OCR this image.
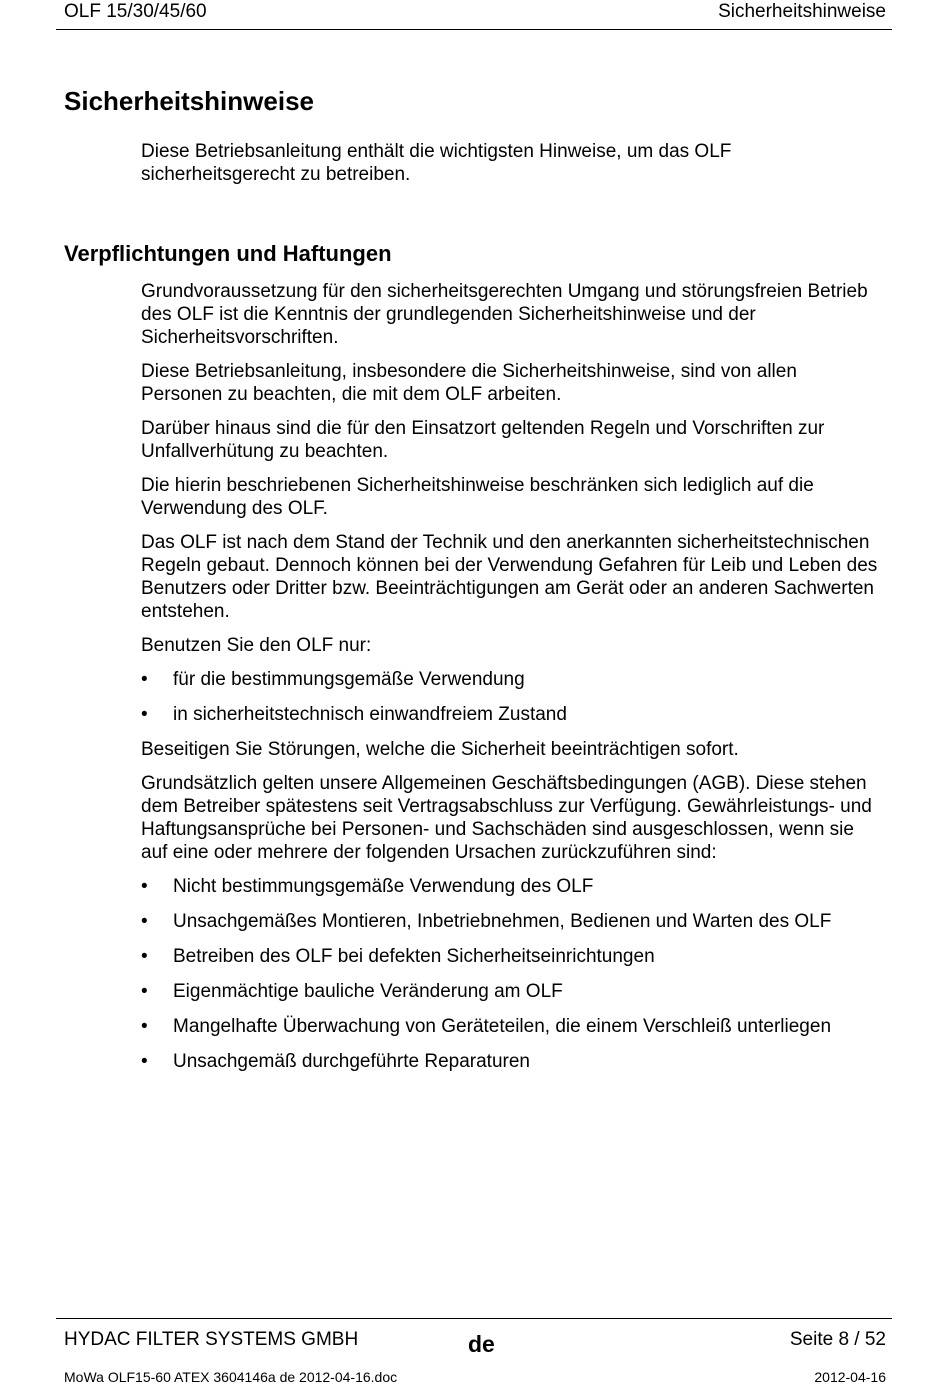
OLF 15/30/45/60	Sicherheitshinweise
Sicherheitshinweise

Diese Betriebsanleitung enthält die wichtigsten Hinweise, um das OLF sicherheitsgerecht zu betreiben.

Verpflichtungen und Haftungen

Grundvoraussetzung für den sicherheitsgerechten Umgang und störungsfreien Betrieb des OLF ist die Kenntnis der grundlegenden Sicherheitshinweise und der Sicherheitsvorschriften.

Diese Betriebsanleitung, insbesondere die Sicherheitshinweise, sind von allen Personen zu beachten, die mit dem OLF arbeiten.

Darüber hinaus sind die für den Einsatzort geltenden Regeln und Vorschriften zur Unfallverhütung zu beachten.

Die hierin beschriebenen Sicherheitshinweise beschränken sich lediglich auf die Verwendung des OLF.

Das OLF ist nach dem Stand der Technik und den anerkannten sicherheitstechnischen Regeln gebaut. Dennoch können bei der Verwendung Gefahren für Leib und Leben des Benutzers oder Dritter bzw. Beeinträchtigungen am Gerät oder an anderen Sachwerten entstehen.

Benutzen Sie den OLF nur:

•	für die bestimmungsgemäße Verwendung
•	in sicherheitstechnisch einwandfreiem Zustand

Beseitigen Sie Störungen, welche die Sicherheit beeinträchtigen sofort.

Grundsätzlich gelten unsere Allgemeinen Geschäftsbedingungen (AGB). Diese stehen dem Betreiber spätestens seit Vertragsabschluss zur Verfügung. Gewährleistungs- und Haftungsansprüche bei Personen- und Sachschäden sind ausgeschlossen, wenn sie auf eine oder mehrere der folgenden Ursachen zurückzuführen sind:

•	Nicht bestimmungsgemäße Verwendung des OLF
•	Unsachgemäßes Montieren, Inbetriebnehmen, Bedienen und Warten des OLF
•	Betreiben des OLF bei defekten Sicherheitseinrichtungen
•	Eigenmächtige bauliche Veränderung am OLF
•	Mangelhafte Überwachung von Geräteteilen, die einem Verschleiß unterliegen
•	Unsachgemäß durchgeführte Reparaturen
HYDAC FILTER SYSTEMS GMBH	de	Seite 8 / 52
MoWa OLF15-60 ATEX 3604146a de 2012-04-16.doc	2012-04-16
